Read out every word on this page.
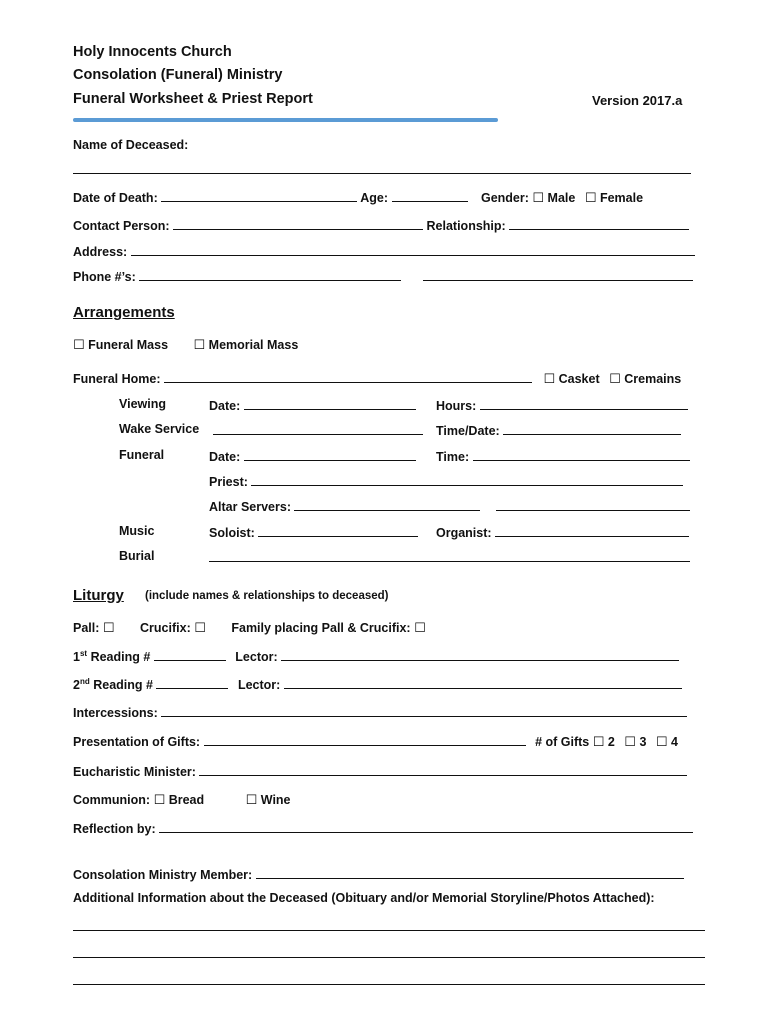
Holy Innocents Church
Consolation (Funeral) Ministry
Funeral Worksheet & Priest Report	Version 2017.a
Name of Deceased:
Date of Death:	Age:	Gender: ☐ Male ☐ Female
Contact Person:	Relationship:
Address:
Phone #’s:
Arrangements
☐ Funeral Mass ☐ Memorial Mass
Funeral Home:	☐ Casket ☐ Cremains
Viewing	Date:	Hours:
Wake Service	Time/Date:
Funeral	Date:	Time:
Priest:
Altar Servers:
Music	Soloist:	Organist:
Burial
Liturgy (include names & relationships to deceased)
Pall: ☐ Crucifix: ☐ Family placing Pall & Crucifix: ☐
1st Reading #	Lector:
2nd Reading #	Lector:
Intercessions:
Presentation of Gifts:	# of Gifts ☐ 2 ☐ 3 ☐ 4
Eucharistic Minister:
Communion: ☐ Bread	☐ Wine
Reflection by:
Consolation Ministry Member:
Additional Information about the Deceased (Obituary and/or Memorial Storyline/Photos Attached):
